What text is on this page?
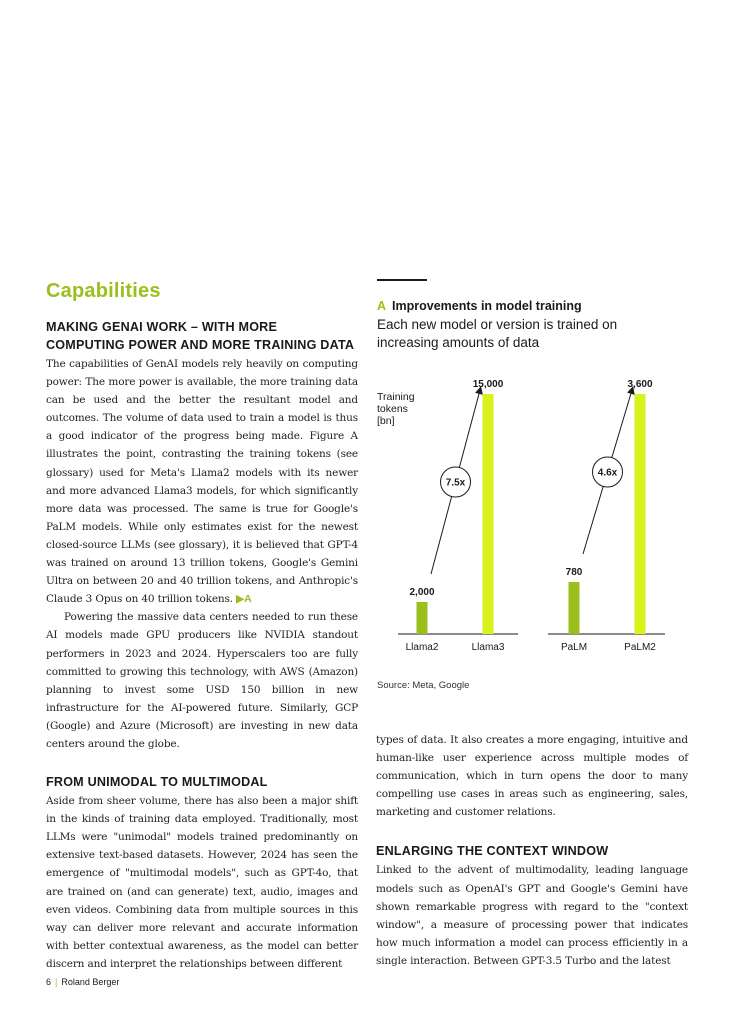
Capabilities

MAKING GENAI WORK – WITH MORE COMPUTING POWER AND MORE TRAINING DATA

The capabilities of GenAI models rely heavily on computing power: The more power is available, the more training data can be used and the better the resultant model and outcomes. The volume of data used to train a model is thus a good indicator of the progress being made. Figure A illustrates the point, contrasting the training tokens (see glossary) used for Meta's Llama2 models with its newer and more advanced Llama3 models, for which significantly more data was processed. The same is true for Google's PaLM models. While only estimates exist for the newest closed-source LLMs (see glossary), it is believed that GPT-4 was trained on around 13 trillion tokens, Google's Gemini Ultra on between 20 and 40 trillion tokens, and Anthropic's Claude 3 Opus on 40 trillion tokens. ▶A

Powering the massive data centers needed to run these AI models made GPU producers like NVIDIA standout performers in 2023 and 2024. Hyperscalers too are fully committed to growing this technology, with AWS (Amazon) planning to invest some USD 150 billion in new infrastructure for the AI-powered future. Similarly, GCP (Google) and Azure (Microsoft) are investing in new data centers around the globe.

FROM UNIMODAL TO MULTIMODAL

Aside from sheer volume, there has also been a major shift in the kinds of training data employed. Traditionally, most LLMs were "unimodal" models trained predominantly on extensive text-based datasets. However, 2024 has seen the emergence of "multimodal models", such as GPT-4o, that are trained on (and can generate) text, audio, images and even videos. Combining data from multiple sources in this way can deliver more relevant and accurate information with better contextual awareness, as the model can better discern and interpret the relationships between different

A Improvements in model training
Each new model or version is trained on increasing amounts of data
Training tokens [bn]
2,000
Llama2
15,000
Llama3
7.5x
780
PaLM
3,600
PaLM2
4.6x
Source: Meta, Google

types of data. It also creates a more engaging, intuitive and human-like user experience across multiple modes of communication, which in turn opens the door to many compelling use cases in areas such as engineering, sales, marketing and customer relations.

ENLARGING THE CONTEXT WINDOW

Linked to the advent of multimodality, leading language models such as OpenAI's GPT and Google's Gemini have shown remarkable progress with regard to the "context window", a measure of processing power that indicates how much information a model can process efficiently in a single interaction. Between GPT-3.5 Turbo and the latest

6 | Roland Berger
